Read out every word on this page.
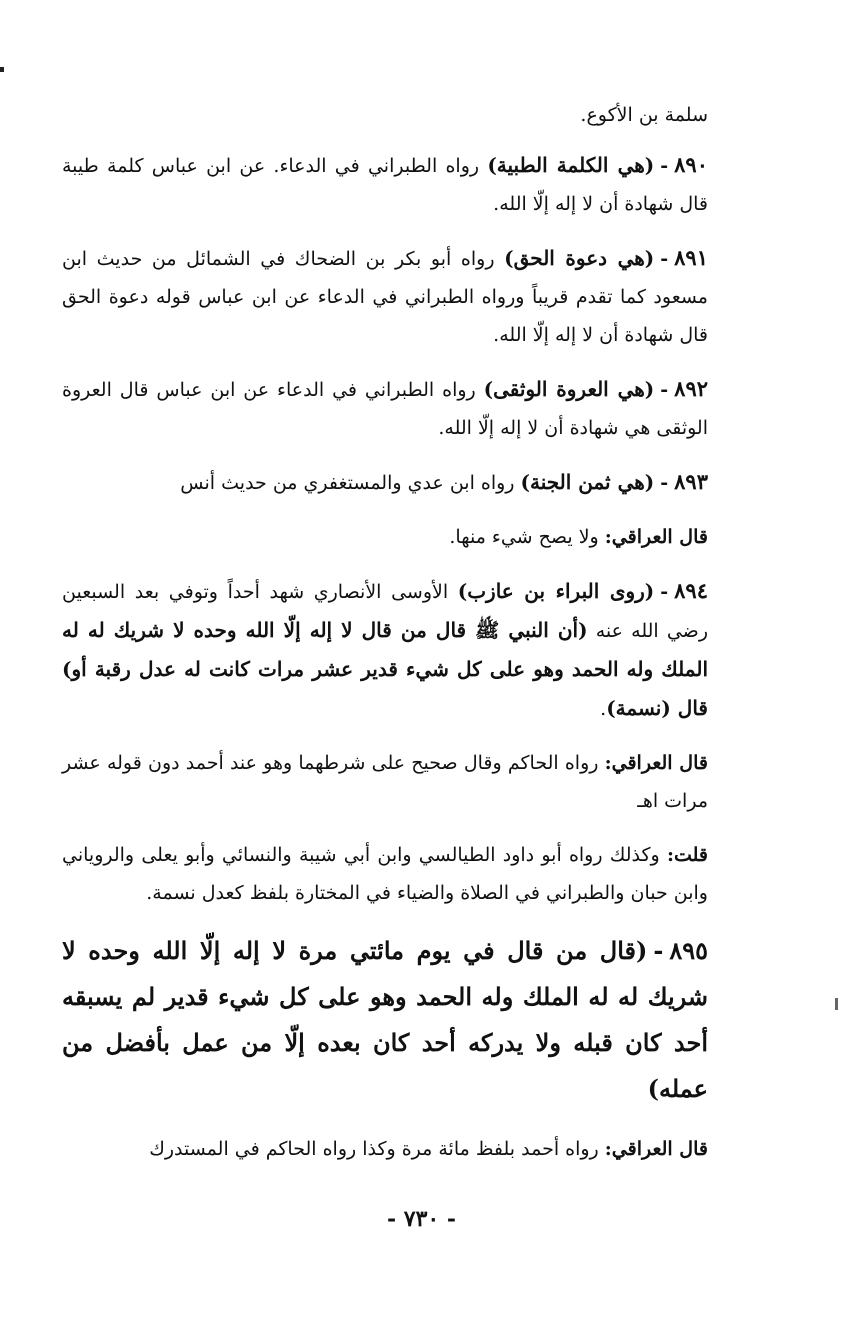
سلمة بن الأكوع.

٨٩٠-(هي الكلمة الطبية) رواه الطبراني في الدعاء. عن ابن عباس كلمة طيبة قال شهادة أن لا إله إلّا الله.

٨٩١-(هي دعوة الحق) رواه أبو بكر بن الضحاك في الشمائل من حديث ابن مسعود كما تقدم قريباً ورواه الطبراني في الدعاء عن ابن عباس قوله دعوة الحق قال شهادة أن لا إله إلّا الله.

٨٩٢-(هي العروة الوثقى) رواه الطبراني في الدعاء عن ابن عباس قال العروة الوثقى هي شهادة أن لا إله إلّا الله.

٨٩٣-(هي ثمن الجنة) رواه ابن عدي والمستغفري من حديث أنس

قال العراقي: ولا يصح شيء منها.

٨٩٤-(روى البراء بن عازب) الأوسى الأنصاري شهد أحداً وتوفي بعد السبعين رضي الله عنه (أن النبي ﷺ قال من قال لا إله إلّا الله وحده لا شريك له له الملك وله الحمد وهو على كل شيء قدير عشر مرات كانت له عدل رقبة أو) قال (نسمة).

قال العراقي: رواه الحاكم وقال صحيح على شرطهما وهو عند أحمد دون قوله عشر مرات اهـ

قلت: وكذلك رواه أبو داود الطيالسي وابن أبي شيبة والنسائي وأبو يعلى والروياني وابن حبان والطبراني في الصلاة والضياء في المختارة بلفظ كعدل نسمة.

٨٩٥-(قال من قال في يوم مائتي مرة لا إله إلّا الله وحده لا شريك له له الملك وله الحمد وهو على كل شيء قدير لم يسبقه أحد كان قبله ولا يدركه أحد كان بعده إلّا من عمل بأفضل من عمله)

قال العراقي: رواه أحمد بلفظ مائة مرة وكذا رواه الحاكم في المستدرك

- ٧٣٠ -
